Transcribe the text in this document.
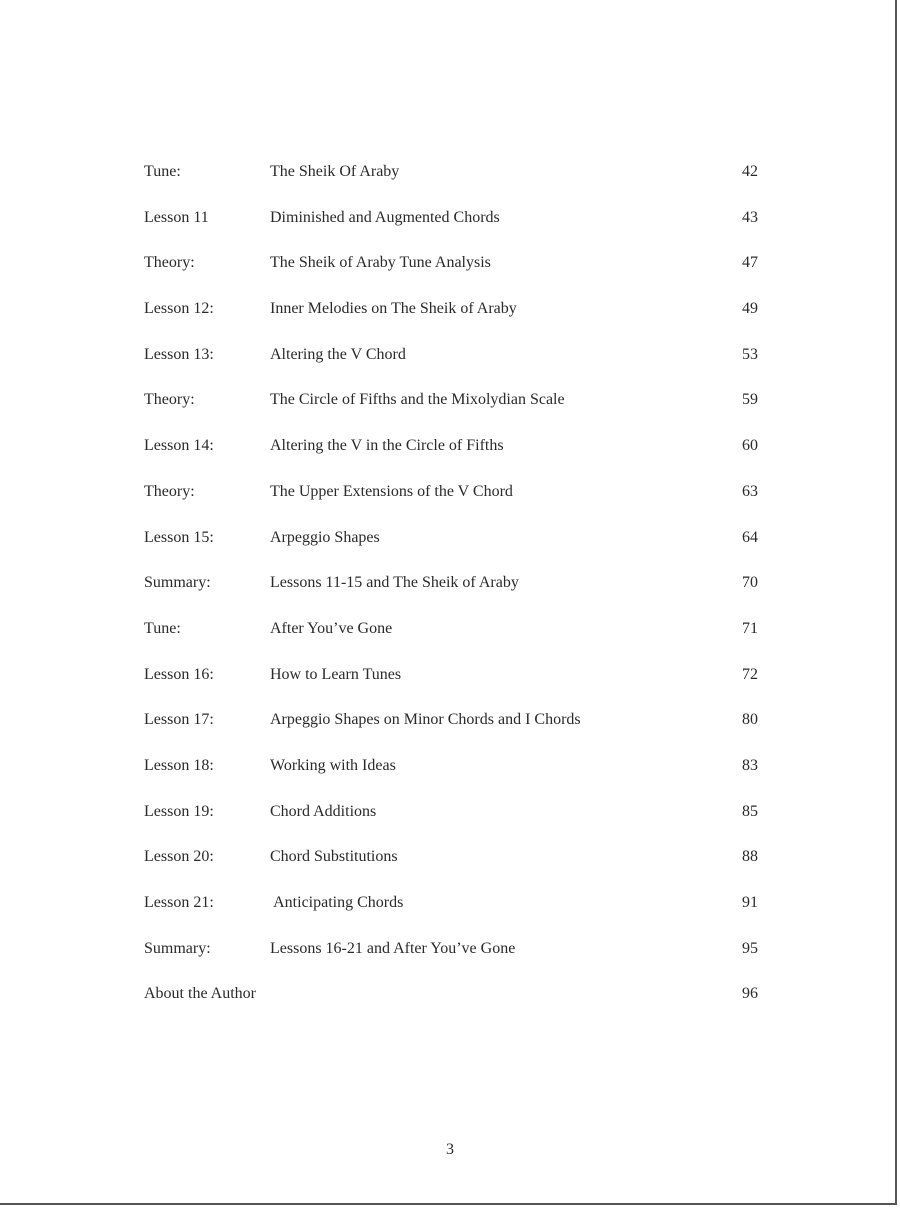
Tune:	The Sheik Of Araby	42
Lesson 11	Diminished and Augmented Chords	43
Theory:	The Sheik of Araby Tune Analysis	47
Lesson 12:	Inner Melodies on The Sheik of Araby	49
Lesson 13:	Altering the V Chord	53
Theory:	The Circle of Fifths and the Mixolydian Scale	59
Lesson 14:	Altering the V in the Circle of Fifths	60
Theory:	The Upper Extensions of the V Chord	63
Lesson 15:	Arpeggio Shapes	64
Summary:	Lessons 11-15 and The Sheik of Araby	70
Tune:	After You’ve Gone	71
Lesson 16:	How to Learn Tunes	72
Lesson 17:	Arpeggio Shapes on Minor Chords and I Chords	80
Lesson 18:	Working with Ideas	83
Lesson 19:	Chord Additions	85
Lesson 20:	Chord Substitutions	88
Lesson 21:	Anticipating Chords	91
Summary:	Lessons 16-21 and After You’ve Gone	95
About the Author	96
3
